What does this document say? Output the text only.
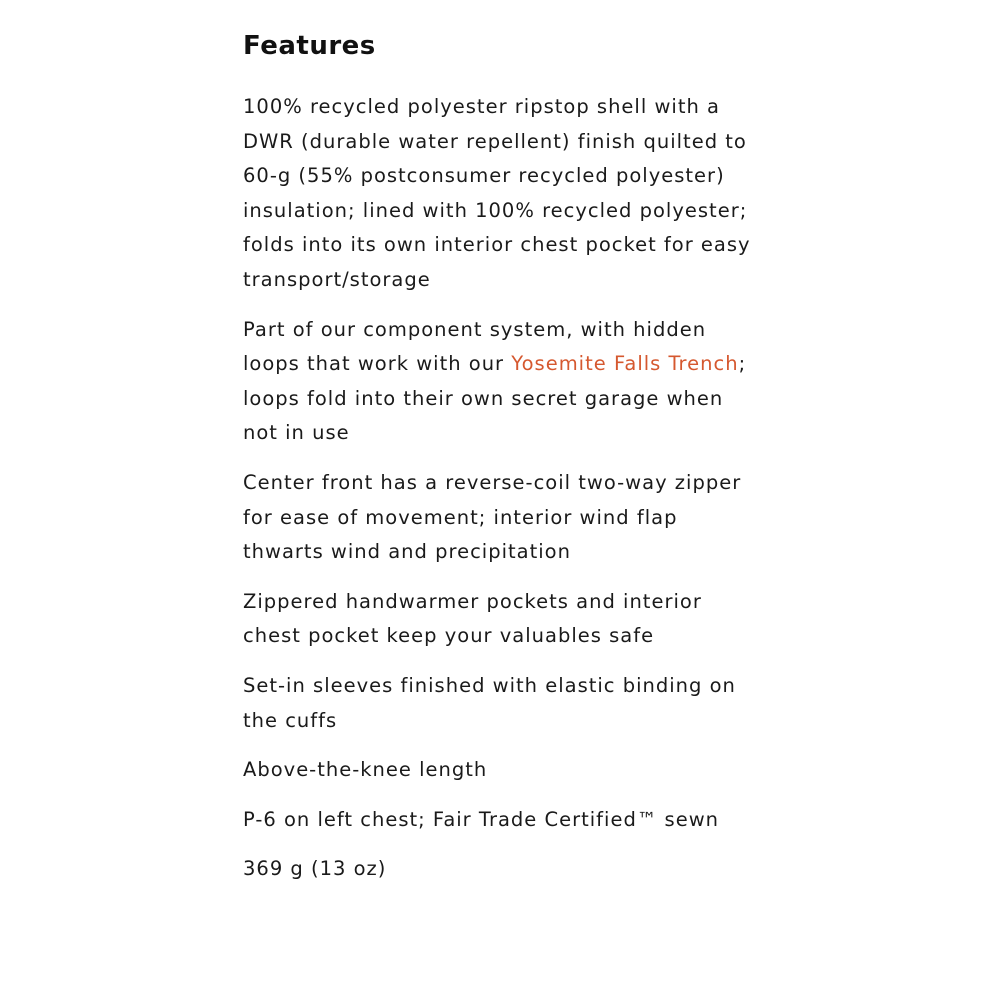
Features
100% recycled polyester ripstop shell with a DWR (durable water repellent) finish quilted to 60-g (55% postconsumer recycled polyester) insulation; lined with 100% recycled polyester; folds into its own interior chest pocket for easy transport/storage
Part of our component system, with hidden loops that work with our Yosemite Falls Trench; loops fold into their own secret garage when not in use
Center front has a reverse-coil two-way zipper for ease of movement; interior wind flap thwarts wind and precipitation
Zippered handwarmer pockets and interior chest pocket keep your valuables safe
Set-in sleeves finished with elastic binding on the cuffs
Above-the-knee length
P-6 on left chest; Fair Trade Certified™ sewn
369 g (13 oz)
